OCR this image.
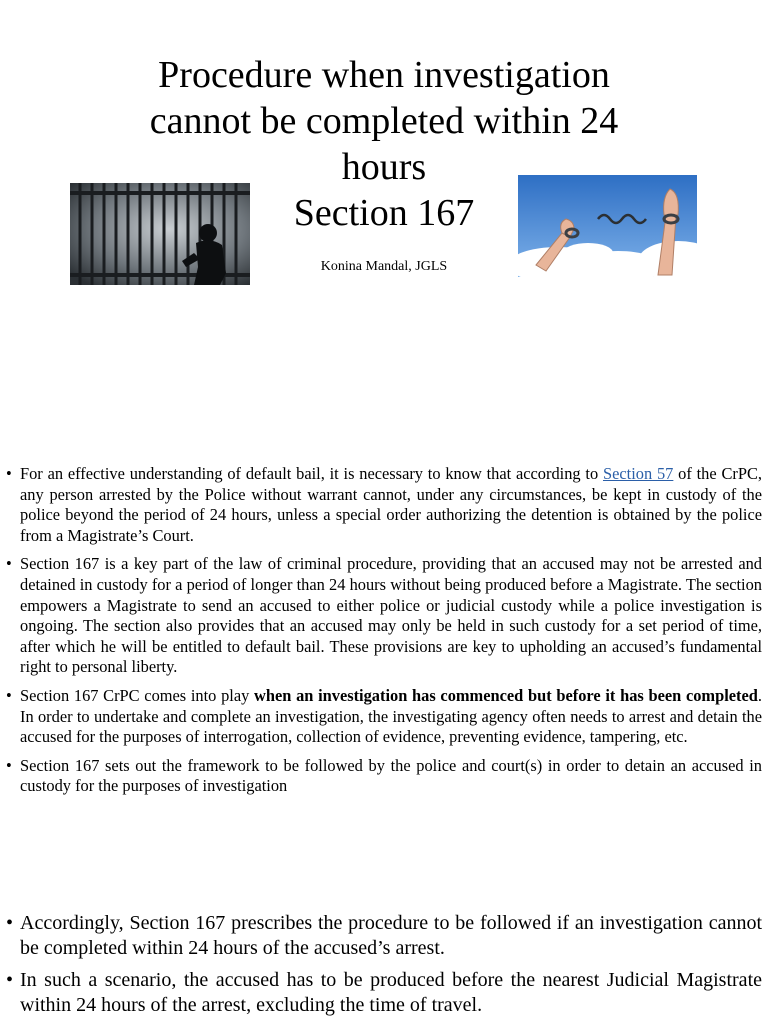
Procedure when investigation
cannot be completed within 24
hours
Section 167
Konina Mandal, JGLS
• For an effective understanding of default bail, it is necessary to know that according to Section 57 of the CrPC, any person arrested by the Police without warrant cannot, under any circumstances, be kept in custody of the police beyond the period of 24 hours, unless a special order authorizing the detention is obtained by the police from a Magistrate’s Court.
• Section 167 is a key part of the law of criminal procedure, providing that an accused may not be arrested and detained in custody for a period of longer than 24 hours without being produced before a Magistrate. The section empowers a Magistrate to send an accused to either police or judicial custody while a police investigation is ongoing. The section also provides that an accused may only be held in such custody for a set period of time, after which he will be entitled to default bail. These provisions are key to upholding an accused’s fundamental right to personal liberty.
• Section 167 CrPC comes into play when an investigation has commenced but before it has been completed. In order to undertake and complete an investigation, the investigating agency often needs to arrest and detain the accused for the purposes of interrogation, collection of evidence, preventing evidence, tampering, etc.
• Section 167 sets out the framework to be followed by the police and court(s) in order to detain an accused in custody for the purposes of investigation
• Accordingly, Section 167 prescribes the procedure to be followed if an investigation cannot be completed within 24 hours of the accused’s arrest.
• In such a scenario, the accused has to be produced before the nearest Judicial Magistrate within 24 hours of the arrest, excluding the time of travel.
